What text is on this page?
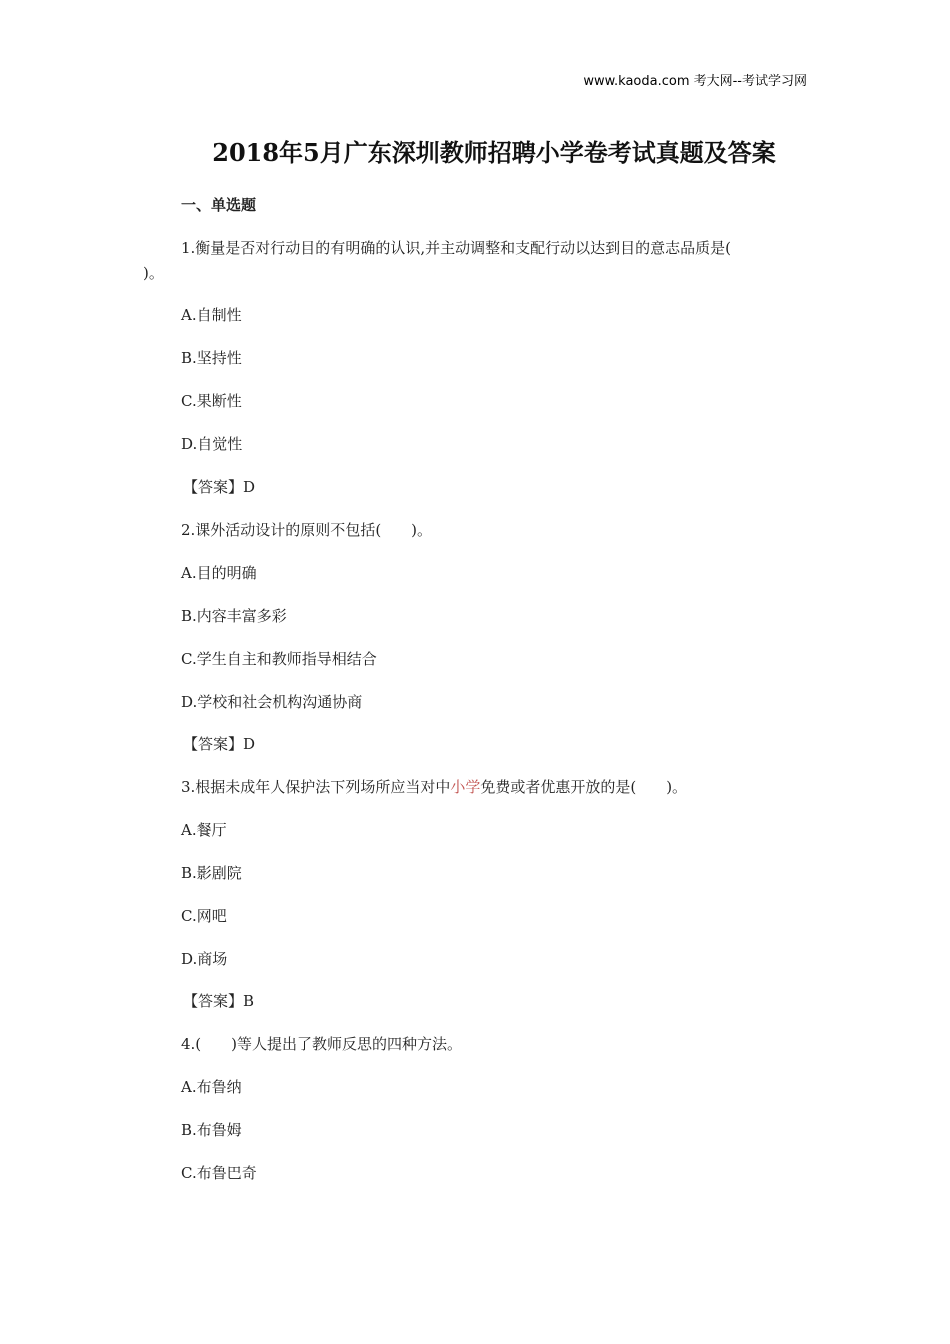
www.kaoda.com 考大网--考试学习网
2018年5月广东深圳教师招聘小学卷考试真题及答案
一、单选题
1.衡量是否对行动目的有明确的认识,并主动调整和支配行动以达到目的意志品质是(
)。
A.自制性
B.坚持性
C.果断性
D.自觉性
【答案】D
2.课外活动设计的原则不包括(　　)。
A.目的明确
B.内容丰富多彩
C.学生自主和教师指导相结合
D.学校和社会机构沟通协商
【答案】D
3.根据未成年人保护法下列场所应当对中小学免费或者优惠开放的是(　　)。
A.餐厅
B.影剧院
C.网吧
D.商场
【答案】B
4.(　　)等人提出了教师反思的四种方法。
A.布鲁纳
B.布鲁姆
C.布鲁巴奇
